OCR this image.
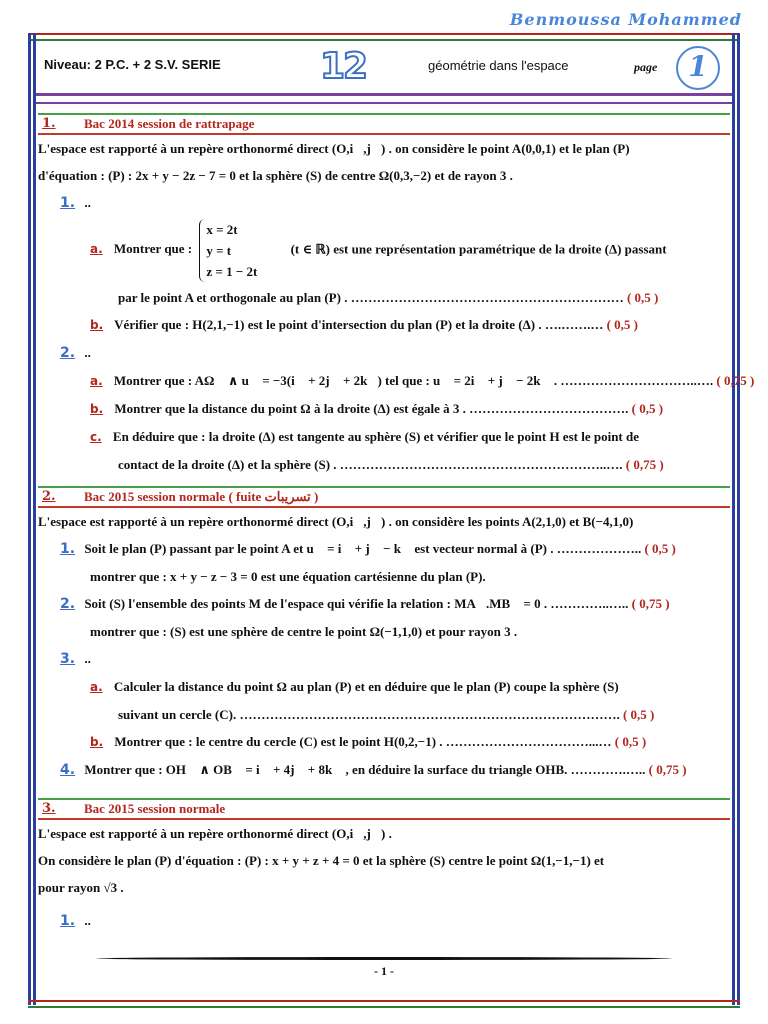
Benmoussa Mohammed
Niveau: 2 P.C. + 2 S.V. SERIE	12	géométrie dans l'espace	page	1
1. Bac 2014 session de rattrapage

L'espace est rapporté à un repère orthonormé direct (O,i⃗,j⃗) . on considère le point A(0,0,1) et le plan (P)

d'équation : (P) : 2x + y − 2z − 7 = 0 et la sphère (S) de centre Ω(0,3,−2) et de rayon 3 .

1. ..

a. Montrer que : x = 2t
y = t
z = 1 − 2t (t ∈ ℝ) est une représentation paramétrique de la droite (Δ) passant

par le point A et orthogonale au plan (P) . ……………………………………………………… ( 0,5 )

b. Vérifier que : H(2,1,−1) est le point d'intersection du plan (P) et la droite (Δ) . ….…….… ( 0,5 )

2. ..

a. Montrer que : AΩ⃗ ∧ u⃗ = −3(i⃗ + 2j⃗ + 2k⃗) tel que : u⃗ = 2i⃗ + j⃗ − 2k⃗ . …………………………..…. ( 0,75 )

b. Montrer que la distance du point Ω à la droite (Δ) est égale à 3 . ………………………………. ( 0,5 )

c. En déduire que : la droite (Δ) est tangente au sphère (S) et vérifier que le point H est le point de

contact de la droite (Δ) et la sphère (S) . ……………………………………………………..…. ( 0,75 )

2. Bac 2015 session normale ( fuite تسريبات )

L'espace est rapporté à un repère orthonormé direct (O,i⃗,j⃗) . on considère les points A(2,1,0) et B(−4,1,0)

1. Soit le plan (P) passant par le point A et u⃗ = i⃗ + j⃗ − k⃗ est vecteur normal à (P) . ……………….. ( 0,5 )

montrer que : x + y − z − 3 = 0 est une équation cartésienne du plan (P).

2. Soit (S) l'ensemble des points M de l'espace qui vérifie la relation : MA⃗.MB⃗ = 0 . …………..….. ( 0,75 )

montrer que : (S) est une sphère de centre le point Ω(−1,1,0) et pour rayon 3 .

3. ..

a. Calculer la distance du point Ω au plan (P) et en déduire que le plan (P) coupe la sphère (S)

suivant un cercle (C). ……………………………………………………………………………. ( 0,5 )

b. Montrer que : le centre du cercle (C) est le point H(0,2,−1) . ……………………………...… ( 0,5 )

4. Montrer que : OH⃗ ∧ OB⃗ = i⃗ + 4j⃗ + 8k⃗ , en déduire la surface du triangle OHB. ………….….. ( 0,75 )

3. Bac 2015 session normale

L'espace est rapporté à un repère orthonormé direct (O,i⃗,j⃗) .

On considère le plan (P) d'équation : (P) : x + y + z + 4 = 0 et la sphère (S) centre le point Ω(1,−1,−1) et

pour rayon √3 .

1. ..

- 1 -
